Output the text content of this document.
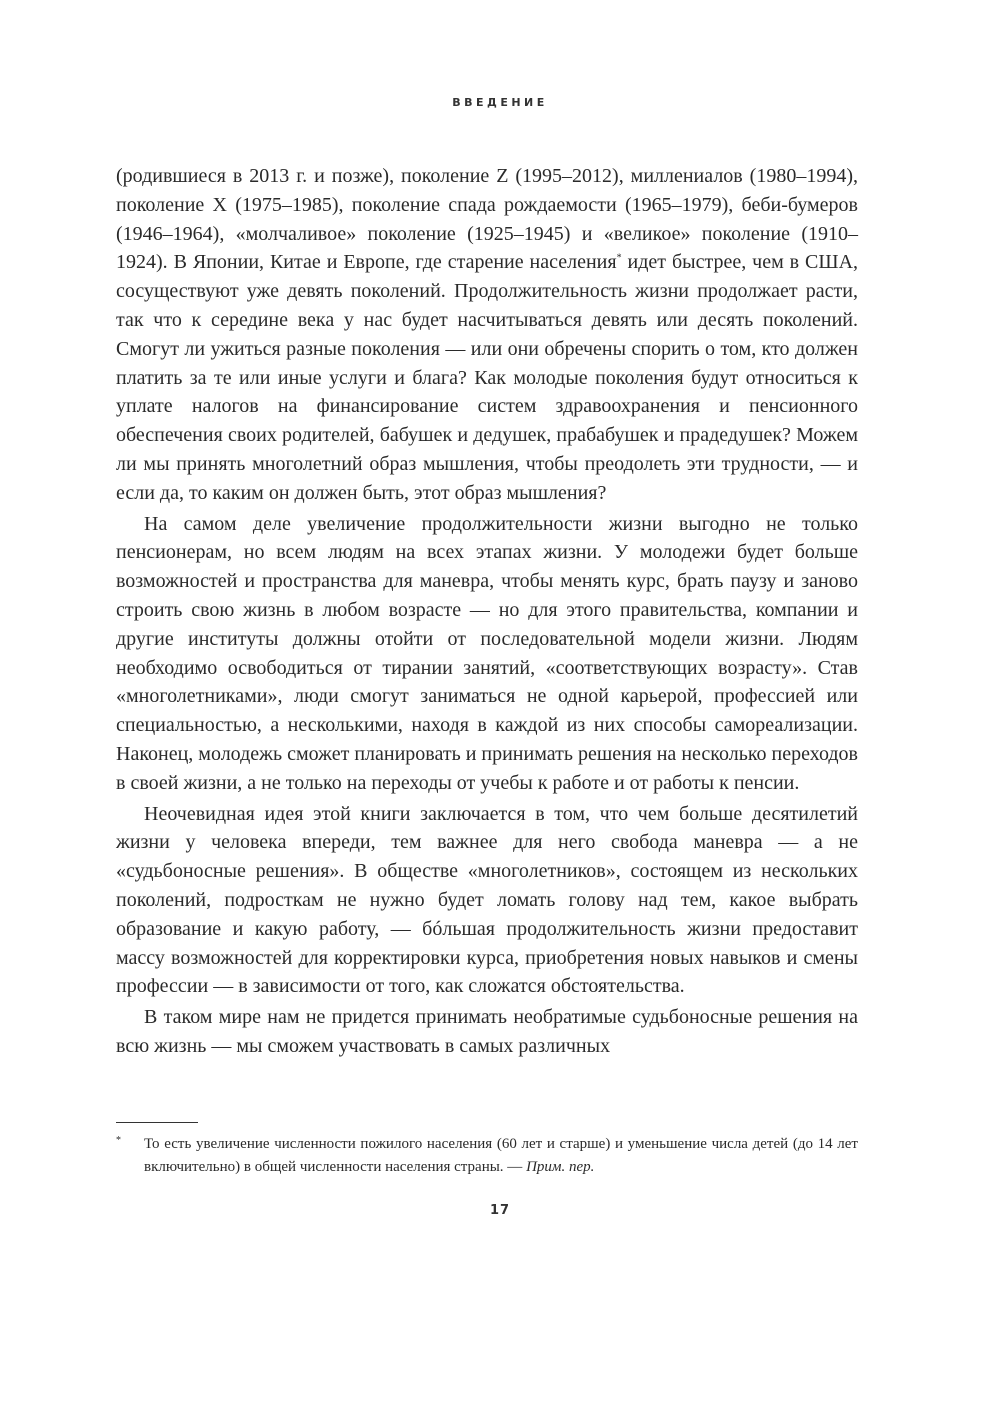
ВВЕДЕНИЕ

(родившиеся в 2013 г. и позже), поколение Z (1995–2012), миллениалов (1980–1994), поколение X (1975–1985), поколение спада рождаемости (1965–1979), беби-бумеров (1946–1964), «молчаливое» поколение (1925–1945) и «великое» поколение (1910–1924). В Японии, Китае и Европе, где старение населения* идет быстрее, чем в США, сосуществуют уже девять поколений. Продолжительность жизни продолжает расти, так что к середине века у нас будет насчитываться девять или десять поколений. Смогут ли ужиться разные поколения — или они обречены спорить о том, кто должен платить за те или иные услуги и блага? Как молодые поколения будут относиться к уплате налогов на финансирование систем здравоохранения и пенсионного обеспечения своих родителей, бабушек и дедушек, прабабушек и прадедушек? Можем ли мы принять многолетний образ мышления, чтобы преодолеть эти трудности, — и если да, то каким он должен быть, этот образ мышления?

На самом деле увеличение продолжительности жизни выгодно не только пенсионерам, но всем людям на всех этапах жизни. У молодежи будет больше возможностей и пространства для маневра, чтобы менять курс, брать паузу и заново строить свою жизнь в любом возрасте — но для этого правительства, компании и другие институты должны отойти от последовательной модели жизни. Людям необходимо освободиться от тирании занятий, «соответствующих возрасту». Став «многолетниками», люди смогут заниматься не одной карьерой, профессией или специальностью, а несколькими, находя в каждой из них способы самореализации. Наконец, молодежь сможет планировать и принимать решения на несколько переходов в своей жизни, а не только на переходы от учебы к работе и от работы к пенсии.

Неочевидная идея этой книги заключается в том, что чем больше десятилетий жизни у человека впереди, тем важнее для него свобода маневра — а не «судьбоносные решения». В обществе «многолетников», состоящем из нескольких поколений, подросткам не нужно будет ломать голову над тем, какое выбрать образование и какую работу, — бóльшая продолжительность жизни предоставит массу возможностей для корректировки курса, приобретения новых навыков и смены профессии — в зависимости от того, как сложатся обстоятельства.

В таком мире нам не придется принимать необратимые судьбоносные решения на всю жизнь — мы сможем участвовать в самых различных

* То есть увеличение численности пожилого населения (60 лет и старше) и уменьшение числа детей (до 14 лет включительно) в общей численности населения страны. — Прим. пер.
17
